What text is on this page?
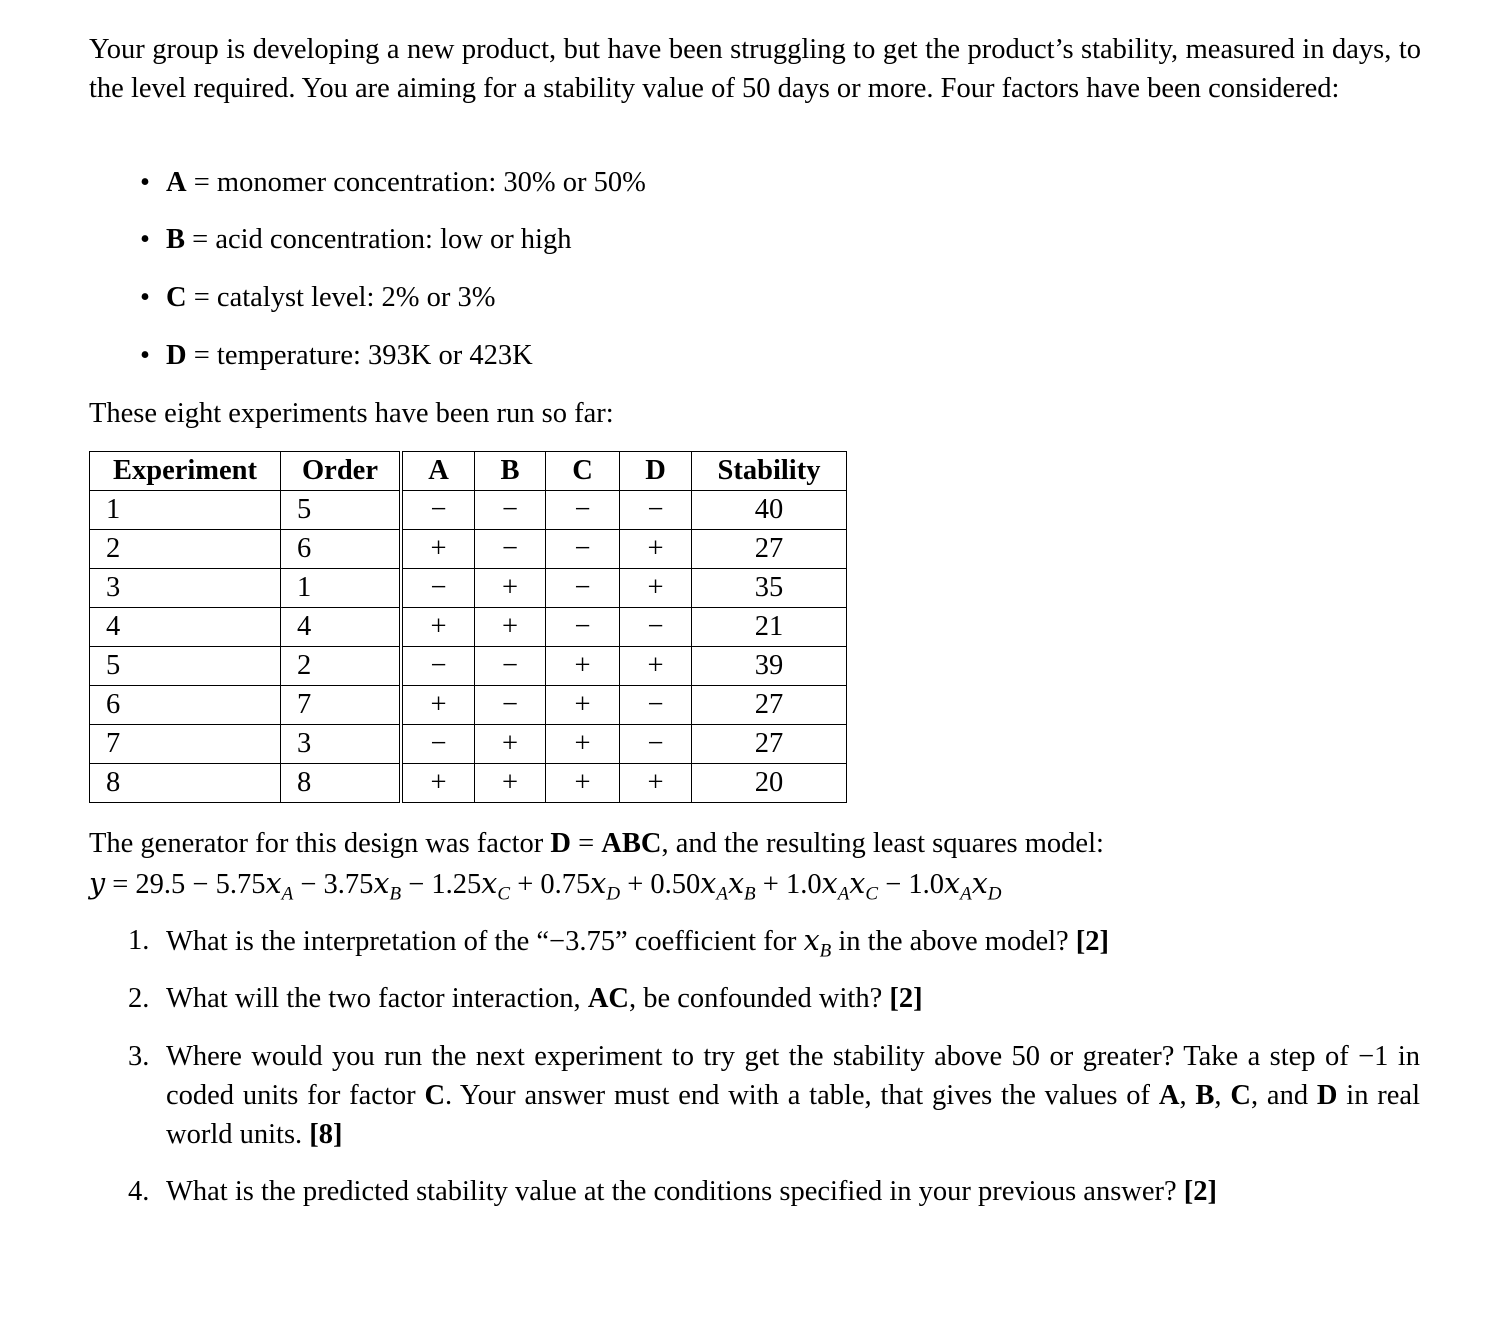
Your group is developing a new product, but have been struggling to get the product’s stability, measured in days, to the level required. You are aiming for a stability value of 50 days or more. Four factors have been considered:
• A = monomer concentration: 30% or 50%
• B = acid concentration: low or high
• C = catalyst level: 2% or 3%
• D = temperature: 393K or 423K
These eight experiments have been run so far:
Experiment	Order	A	B	C	D	Stability
1	5	−	−	−	−	40
2	6	+	−	−	+	27
3	1	−	+	−	+	35
4	4	+	+	−	−	21
5	2	−	−	+	+	39
6	7	+	−	+	−	27
7	3	−	+	+	−	27
8	8	+	+	+	+	20
The generator for this design was factor D = ABC, and the resulting least squares model:
$y = 29.5 - 5.75x_A - 3.75x_B - 1.25x_C + 0.75x_D + 0.50x_Ax_B + 1.0x_Ax_C - 1.0x_Ax_D$
1. What is the interpretation of the “−3.75” coefficient for $x_B$ in the above model? [2]
2. What will the two factor interaction, AC, be confounded with? [2]
3. Where would you run the next experiment to try get the stability above 50 or greater? Take a step of −1 in coded units for factor C. Your answer must end with a table, that gives the values of A, B, C, and D in real world units. [8]
4. What is the predicted stability value at the conditions specified in your previous answer? [2]
